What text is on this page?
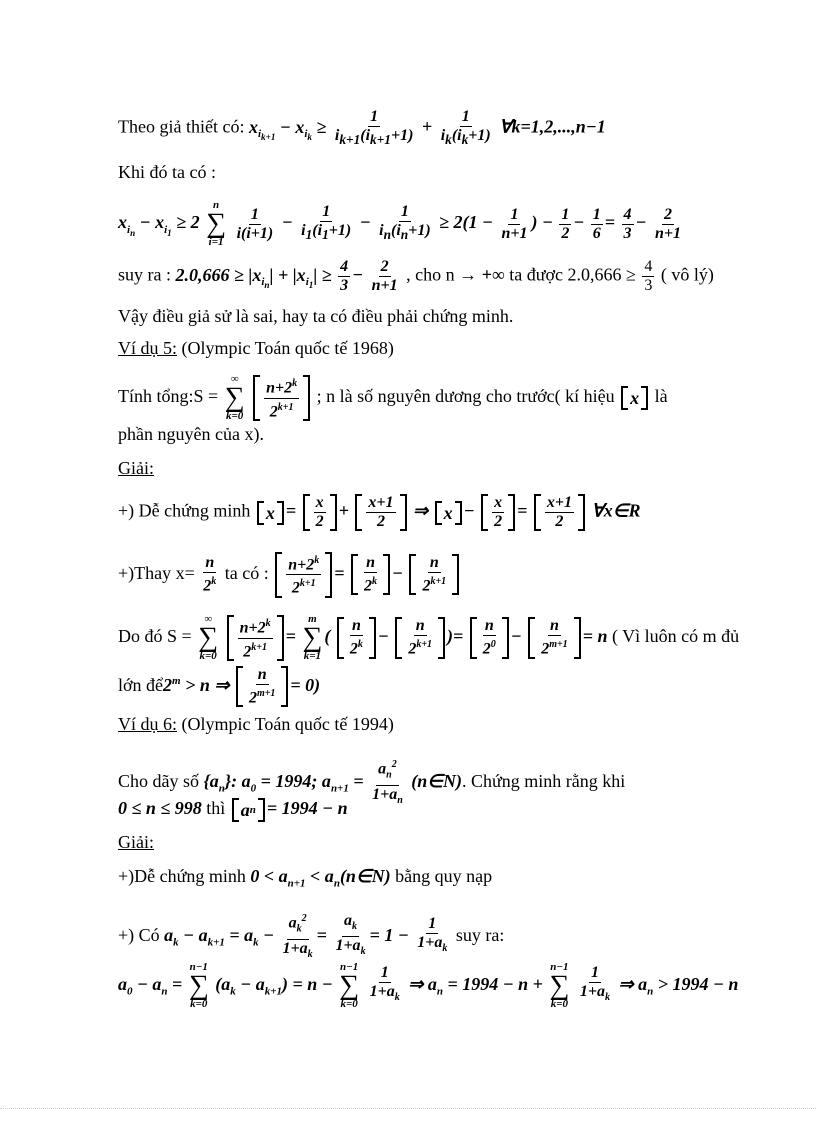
Theo giả thiết có: $x_{i_{k+1}} - x_{i_k} \ge \frac{1}{i_{k+1}(i_{k+1}+1)} + \frac{1}{i_k(i_k+1)}$ ∀k=1,2,...,n−1
Khi đó ta có :
$x_{i_n} - x_{i_1} \ge 2$
n
∑
i=1
$\frac{1}{i(i+1)} - \frac{1}{i_1(i_1+1)} - \frac{1}{i_n(i_n+1)} \ge 2(1 - \frac{1}{n+1}$ ) − $\frac{1}{2} - \frac{1}{6} = \frac{4}{3} - \frac{2}{n+1}$
suy ra : $2.0,666 \ge |x_{i_n}| + |x_{i_1}| \ge \frac{4}{3} - \frac{2}{n+1}$ , cho n → +∞ ta được $2.0,666 \ge \frac{4}{3}$ ( vô lý)
Vậy điều giả sử là sai, hay ta có điều phải chứng minh.
Ví dụ 5: (Olympic Toán quốc tế 1968)
Tính tổng:S =
∞
∑
k=0
$\frac{n+2^k}{2^{k+1}}$ ; n là số nguyên dương cho trước( kí hiệu x là
phần nguyên của x).
Giải:
+) Dễ chứng minh $x = \frac{x}{2} + \frac{x+1}{2}$ ⇒ $x - \frac{x}{2} = \frac{x+1}{2}$ ∀x∈R
+)Thay $x= \frac{n}{2^k}$ ta có : $\frac{n+2^k}{2^{k+1}} = \frac{n}{2^k} - \frac{n}{2^{k+1}}$
Do đó S =
∞
∑
k=0
$\frac{n+2^k}{2^{k+1}}$ =
m
∑
k=1
( $\frac{n}{2^k} - \frac{n}{2^{k+1}}$ )= $\frac{n}{2^0} - \frac{n}{2^{m+1}} = n$ ( Vì luôn có m đủ
lớn $để2^m > n$ ⇒ $\frac{n}{2^{m+1}} = 0$)
Ví dụ 6: (Olympic Toán quốc tế 1994)
Cho dãy số $\{a_n\}$: $a_0 = 1994$; $a_{n+1} = \frac{a_n^2}{1+a_n}$ (n∈N). Chứng minh rằng khi
0 ≤ n ≤ 998 thì a n = 1994 − n
Giải:
+)Dễ chứng minh $0 < a_{n+1}$ < $a_n(n\in N)$ bằng quy nạp
+) Có $a_k - a_{k+1} = a_k - \frac{a_k^2}{1+a_k} = \frac{a_k}{1+a_k} = 1 - \frac{1}{1+a_k}$ suy ra:
$a_0 - a_n$ =
n−1
∑
k=0
$(a_k - a_{k+1}) = n$ −
n−1
∑
k=0
$\frac{1}{1+a_k}$ ⇒ $a_n = 1994 - n$ +
n−1
∑
k=0
$\frac{1}{1+a_k}$ ⇒ $a_n > 1994 - n$
